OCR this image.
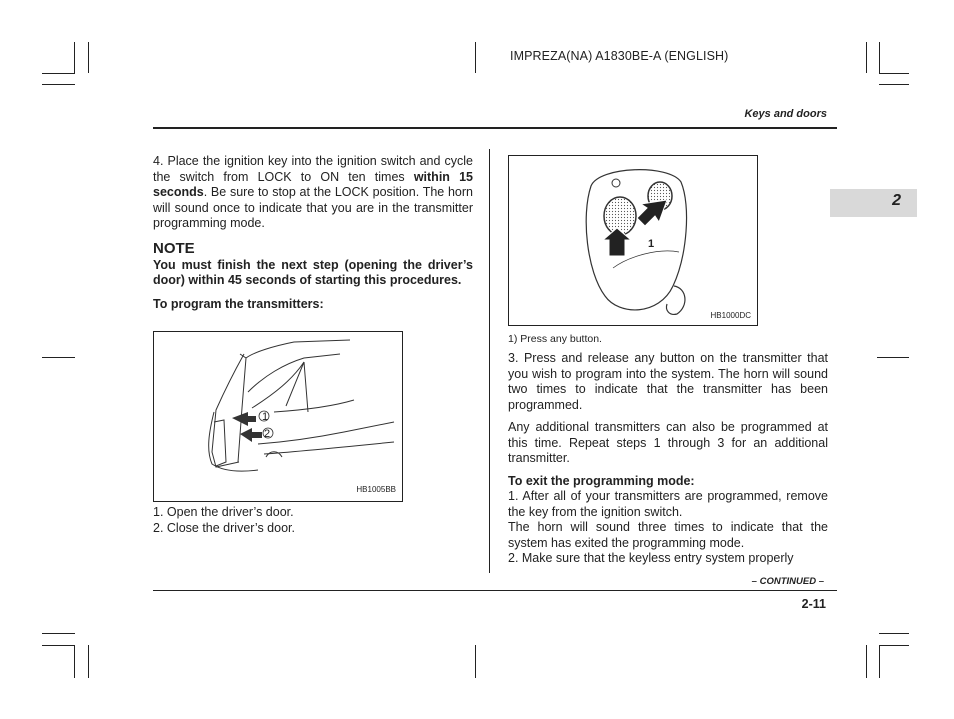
IMPREZA(NA) A1830BE-A (ENGLISH)
Keys and doors
2

4. Place the ignition key into the ignition switch and cycle the switch from LOCK to ON ten times within 15 seconds. Be sure to stop at the LOCK position. The horn will sound once to indicate that you are in the transmitter programming mode.

NOTE

You must finish the next step (opening the driver’s door) within 45 seconds of starting this procedures.

To program the transmitters:

1
2
HB1005BB

1. Open the driver’s door.

2. Close the driver’s door.

1
HB1000DC
1) Press any button.

3. Press and release any button on the transmitter that you wish to program into the system. The horn will sound two times to indicate that the transmitter has been programmed.

Any additional transmitters can also be programmed at this time. Repeat steps 1 through 3 for an additional transmitter.

To exit the programming mode:

1. After all of your transmitters are programmed, remove the key from the ignition switch.

The horn will sound three times to indicate that the system has exited the programming mode.

2. Make sure that the keyless entry system properly

– CONTINUED –
2-11
